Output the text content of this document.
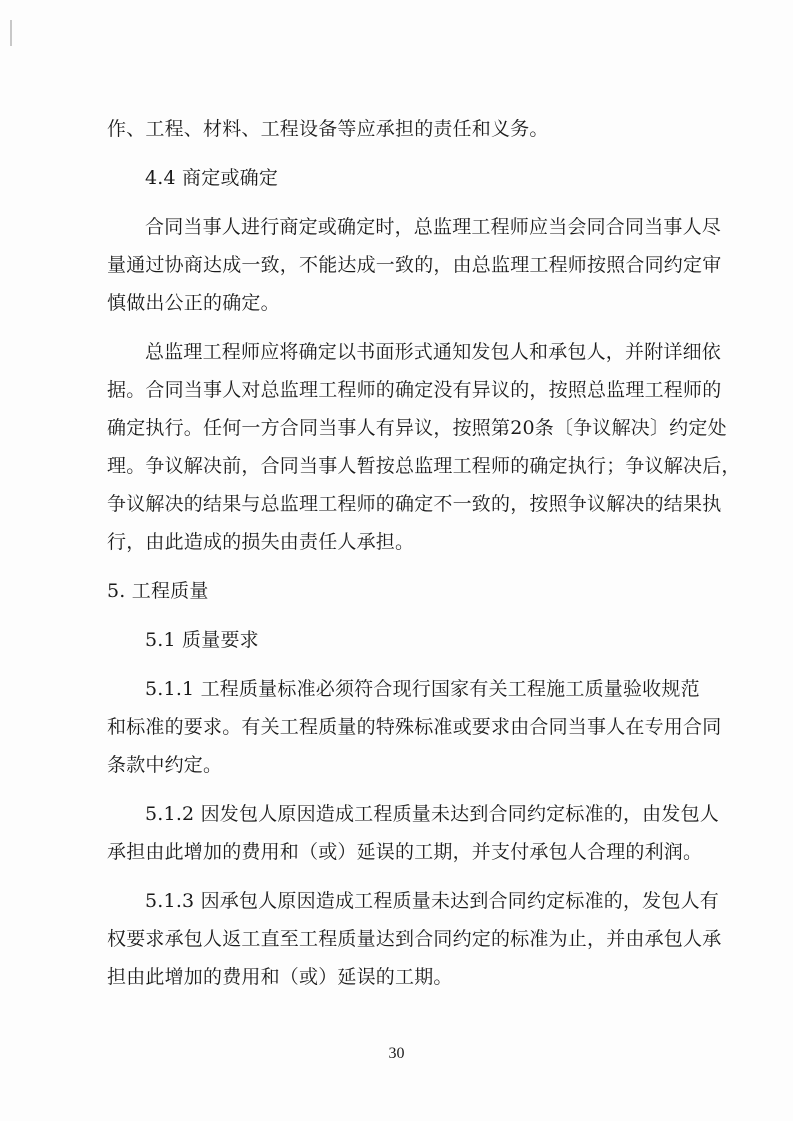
作、工程、材料、工程设备等应承担的责任和义务。
4.4 商定或确定
合同当事人进行商定或确定时，总监理工程师应当会同合同当事人尽
量通过协商达成一致，不能达成一致的，由总监理工程师按照合同约定审
慎做出公正的确定。
总监理工程师应将确定以书面形式通知发包人和承包人，并附详细依
据。合同当事人对总监理工程师的确定没有异议的，按照总监理工程师的
确定执行。任何一方合同当事人有异议，按照第20条〔争议解决〕约定处
理。争议解决前，合同当事人暂按总监理工程师的确定执行；争议解决后，
争议解决的结果与总监理工程师的确定不一致的，按照争议解决的结果执
行，由此造成的损失由责任人承担。
5. 工程质量
5.1 质量要求
5.1.1 工程质量标准必须符合现行国家有关工程施工质量验收规范
和标准的要求。有关工程质量的特殊标准或要求由合同当事人在专用合同
条款中约定。
5.1.2 因发包人原因造成工程质量未达到合同约定标准的，由发包人
承担由此增加的费用和（或）延误的工期，并支付承包人合理的利润。
5.1.3 因承包人原因造成工程质量未达到合同约定标准的，发包人有
权要求承包人返工直至工程质量达到合同约定的标准为止，并由承包人承
担由此增加的费用和（或）延误的工期。
30
